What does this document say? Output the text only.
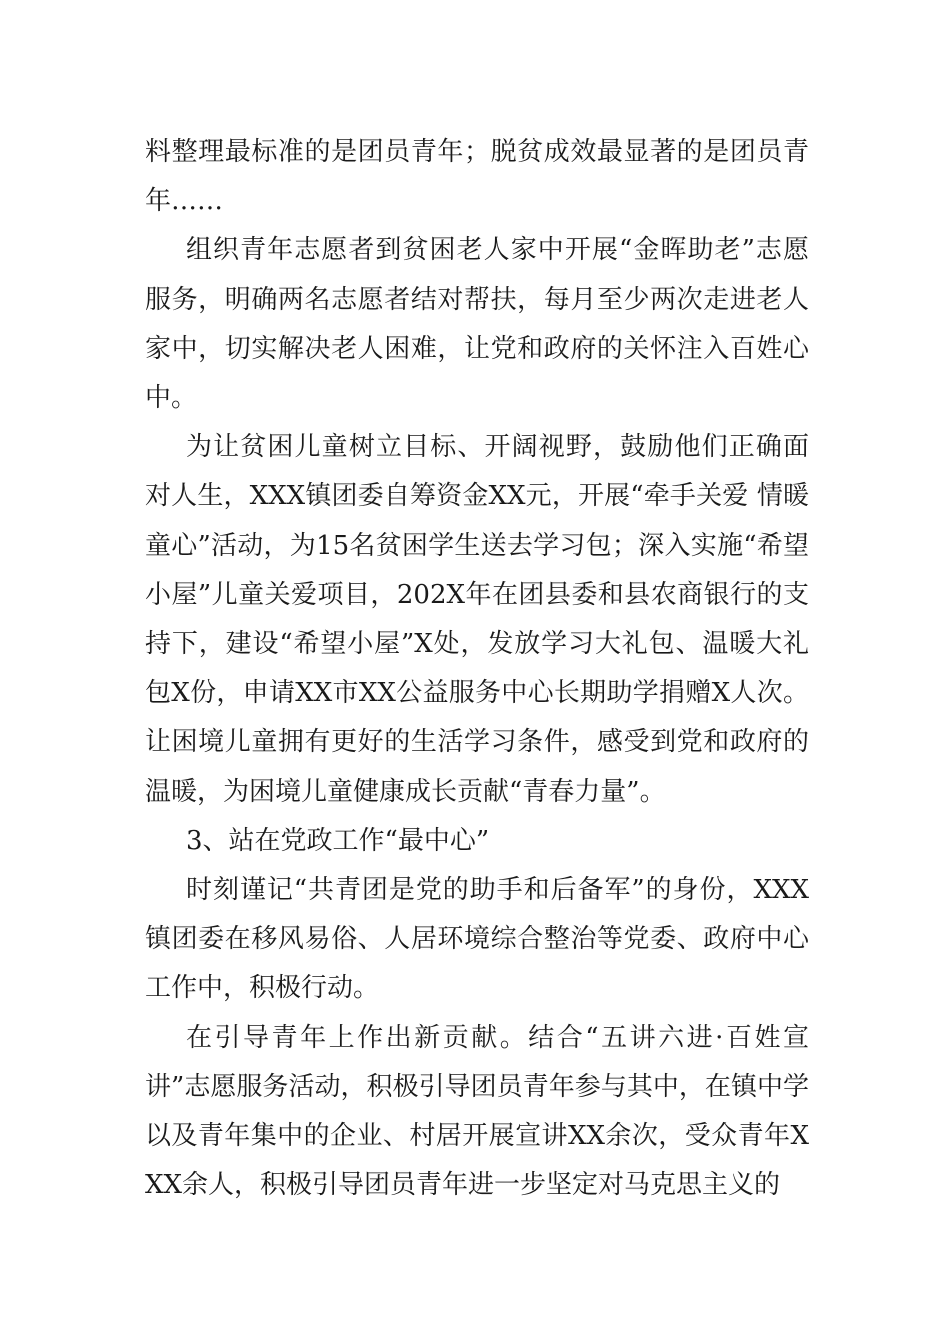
料整理最标准的是团员青年；脱贫成效最显著的是团员青年……

组织青年志愿者到贫困老人家中开展“金晖助老”志愿服务，明确两名志愿者结对帮扶，每月至少两次走进老人家中，切实解决老人困难，让党和政府的关怀注入百姓心中。

为让贫困儿童树立目标、开阔视野，鼓励他们正确面对人生，XXX镇团委自筹资金XX元，开展“牵手关爱 情暖童心”活动，为15名贫困学生送去学习包；深入实施“希望小屋”儿童关爱项目，202X年在团县委和县农商银行的支持下，建设“希望小屋”X处，发放学习大礼包、温暖大礼包X份，申请XX市XX公益服务中心长期助学捐赠X人次。让困境儿童拥有更好的生活学习条件，感受到党和政府的温暖，为困境儿童健康成长贡献“青春力量”。

3、站在党政工作“最中心”

时刻谨记“共青团是党的助手和后备军”的身份，XXX镇团委在移风易俗、人居环境综合整治等党委、政府中心工作中，积极行动。

在引导青年上作出新贡献。结合“五讲六进·百姓宣讲”志愿服务活动，积极引导团员青年参与其中，在镇中学以及青年集中的企业、村居开展宣讲XX余次，受众青年XXX余人，积极引导团员青年进一步坚定对马克思主义的
